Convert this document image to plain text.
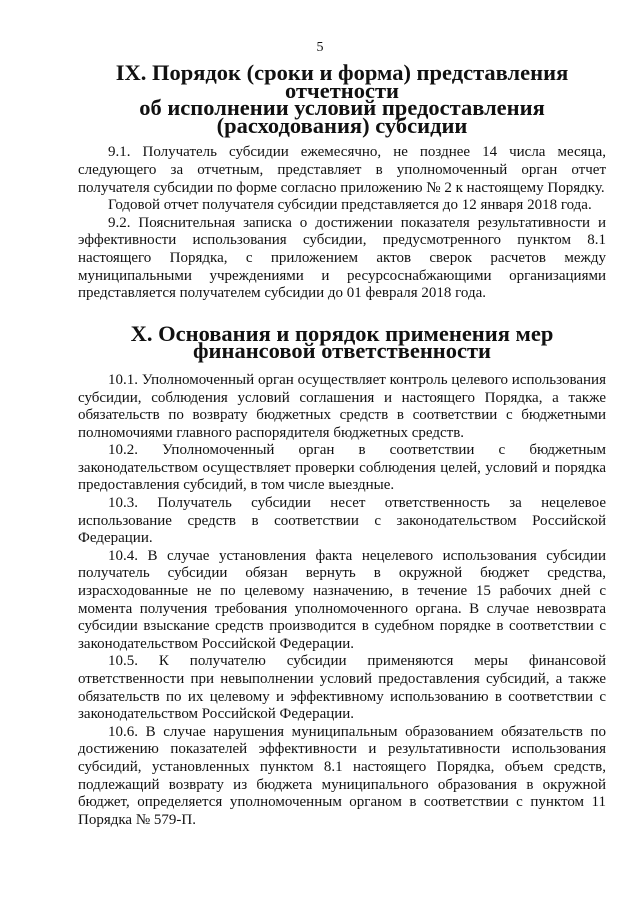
5
IX. Порядок (сроки и форма) представления отчетности
об исполнении условий предоставления (расходования) субсидии

9.1. Получатель субсидии ежемесячно, не позднее 14 числа месяца, следующего за отчетным, представляет в уполномоченный орган отчет получателя субсидии по форме согласно приложению № 2 к настоящему Порядку.

Годовой отчет получателя субсидии представляется до 12 января 2018 года.

9.2. Пояснительная записка о достижении показателя результативности и эффективности использования субсидии, предусмотренного пунктом 8.1 настоящего Порядка, с приложением актов сверок расчетов между муниципальными учреждениями и ресурсоснабжающими организациями представляется получателем субсидии до 01 февраля 2018 года.

X. Основания и порядок применения мер финансовой ответственности

10.1. Уполномоченный орган осуществляет контроль целевого использования субсидии, соблюдения условий соглашения и настоящего Порядка, а также обязательств по возврату бюджетных средств в соответствии с бюджетными полномочиями главного распорядителя бюджетных средств.

10.2. Уполномоченный орган в соответствии с бюджетным законодательством осуществляет проверки соблюдения целей, условий и порядка предоставления субсидий, в том числе выездные.

10.3. Получатель субсидии несет ответственность за нецелевое использование средств в соответствии с законодательством Российской Федерации.

10.4. В случае установления факта нецелевого использования субсидии получатель субсидии обязан вернуть в окружной бюджет средства, израсходованные не по целевому назначению, в течение 15 рабочих дней с момента получения требования уполномоченного органа. В случае невозврата субсидии взыскание средств производится в судебном порядке в соответствии с законодательством Российской Федерации.

10.5. К получателю субсидии применяются меры финансовой ответственности при невыполнении условий предоставления субсидий, а также обязательств по их целевому и эффективному использованию в соответствии с законодательством Российской Федерации.

10.6. В случае нарушения муниципальным образованием обязательств по достижению показателей эффективности и результативности использования субсидий, установленных пунктом 8.1 настоящего Порядка, объем средств, подлежащий возврату из бюджета муниципального образования в окружной бюджет, определяется уполномоченным органом в соответствии с пунктом 11 Порядка № 579-П.
